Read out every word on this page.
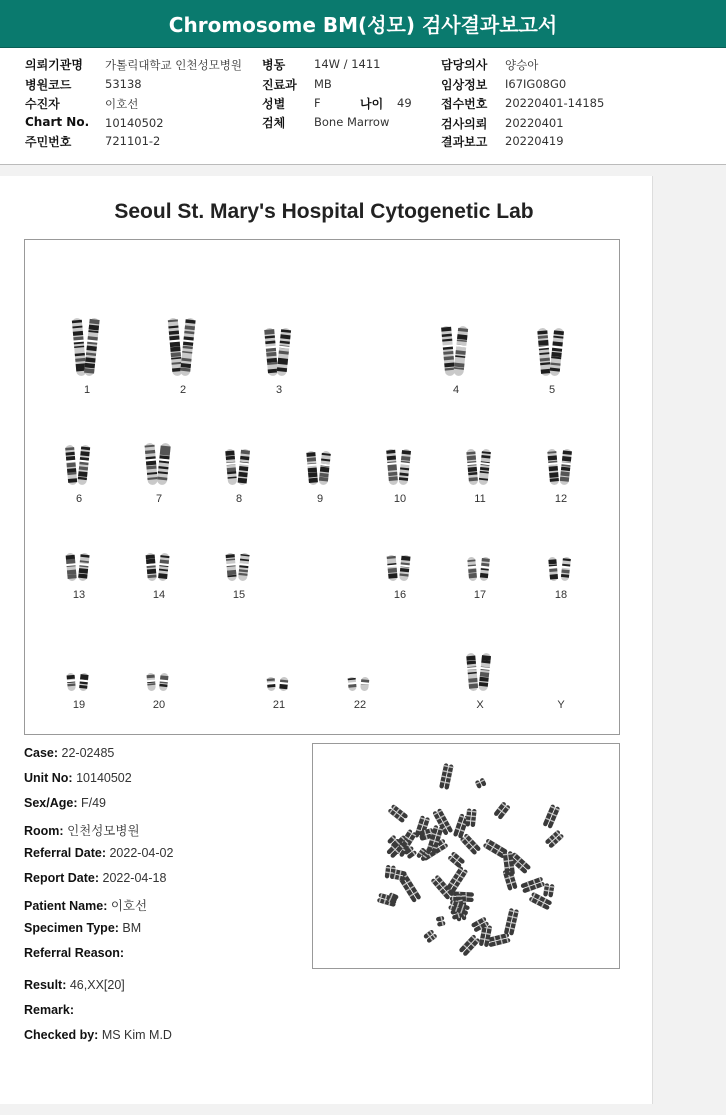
Chromosome BM(성모) 검사결과보고서
의뢰기관명 가톨릭대학교 인천성모병원 병동	14W / 1411	담당의사 양승아
병원코드	53138	진료과 MB	임상정보 I67IG08G0
수진자	이호선	성별	F	나이 49 접수번호 20220401-14185
Chart No. 10140502	검체	Bone Marrow	검사의뢰 20220401
주민번호	721101-2	결과보고 20220419
Seoul St. Mary's Hospital Cytogenetic Lab
1	2	3	4	5
6	7	8	9	10	11	12
13	14	15	16	17	18
19	20	21	22	X	Y
Case: 22-02485
Unit No: 10140502
Sex/Age: F/49
Room: 인천성모병원
Referral Date: 2022-04-02
Report Date: 2022-04-18
Patient Name: 이호선
Specimen Type: BM
Referral Reason:
Result: 46,XX[20]
Remark:
Checked by: MS Kim M.D
